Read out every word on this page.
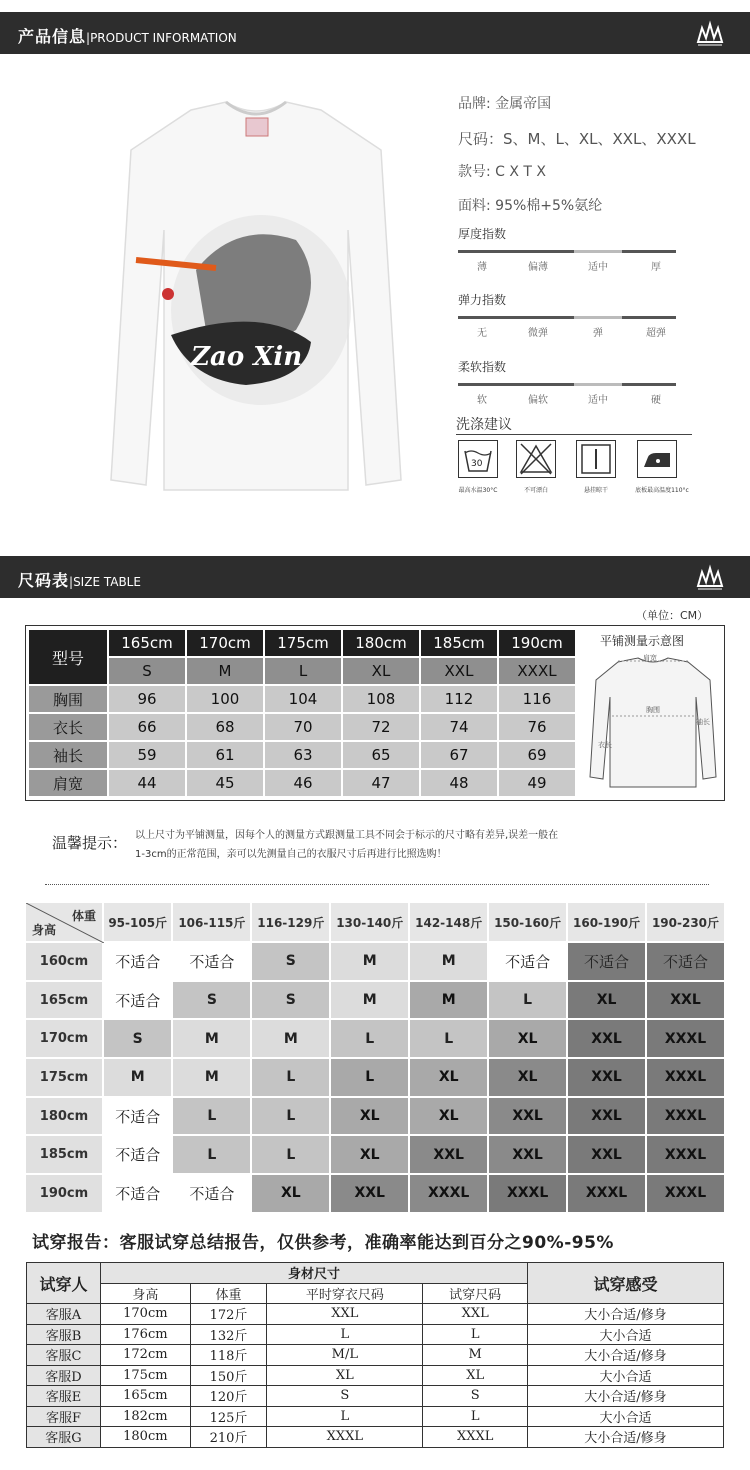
产品信息|PRODUCT INFORMATION
Zao Xin
品牌: 金属帝国
尺码：S、M、L、XL、XXL、XXXL
款号: C X T X
面料: 95%棉+5%氨纶
厚度指数
薄	偏薄	适中	厚
弹力指数
无	微弹	弹	超弹
柔软指数
软	偏软	适中	硬
洗涤建议
30
最高水温30°C	不可漂白	悬挂晾干	底板最高温度110°c
尺码表|SIZE TABLE
（单位：CM）
型号	165cm	170cm	175cm	180cm	185cm	190cm
	S	M	L	XL	XXL	XXXL
胸围	96	100	104	108	112	116
衣长	66	68	70	72	74	76
袖长	59	61	63	65	67	69
肩宽	44	45	46	47	48	49
平铺测量示意图
肩宽
胸围
衣长
袖长
温馨提示： 以上尺寸为平铺测量，因每个人的测量方式跟测量工具不同会于标示的尺寸略有差异,误差一般在
1-3cm的正常范围，亲可以先测量自己的衣服尺寸后再进行比照选购！
体重
身高	95-105斤	106-115斤	116-129斤	130-140斤	142-148斤	150-160斤	160-190斤	190-230斤
160cm	不适合	不适合	S	M	M	不适合	不适合	不适合
165cm	不适合	S	S	M	M	L	XL	XXL
170cm	S	M	M	L	L	XL	XXL	XXXL
175cm	M	M	L	L	XL	XL	XXL	XXXL
180cm	不适合	L	L	XL	XL	XXL	XXL	XXXL
185cm	不适合	L	L	XL	XXL	XXL	XXL	XXXL
190cm	不适合	不适合	XL	XXL	XXXL	XXXL	XXXL	XXXL
试穿报告：客服试穿总结报告，仅供参考，准确率能达到百分之90%-95%
试穿人	身材尺寸				试穿感受
	身高	体重	平时穿衣尺码	试穿尺码	
客服A	170cm	172斤	XXL	XXL	大小合适/修身
客服B	176cm	132斤	L	L	大小合适
客服C	172cm	118斤	M/L	M	大小合适/修身
客服D	175cm	150斤	XL	XL	大小合适
客服E	165cm	120斤	S	S	大小合适/修身
客服F	182cm	125斤	L	L	大小合适
客服G	180cm	210斤	XXXL	XXXL	大小合适/修身
